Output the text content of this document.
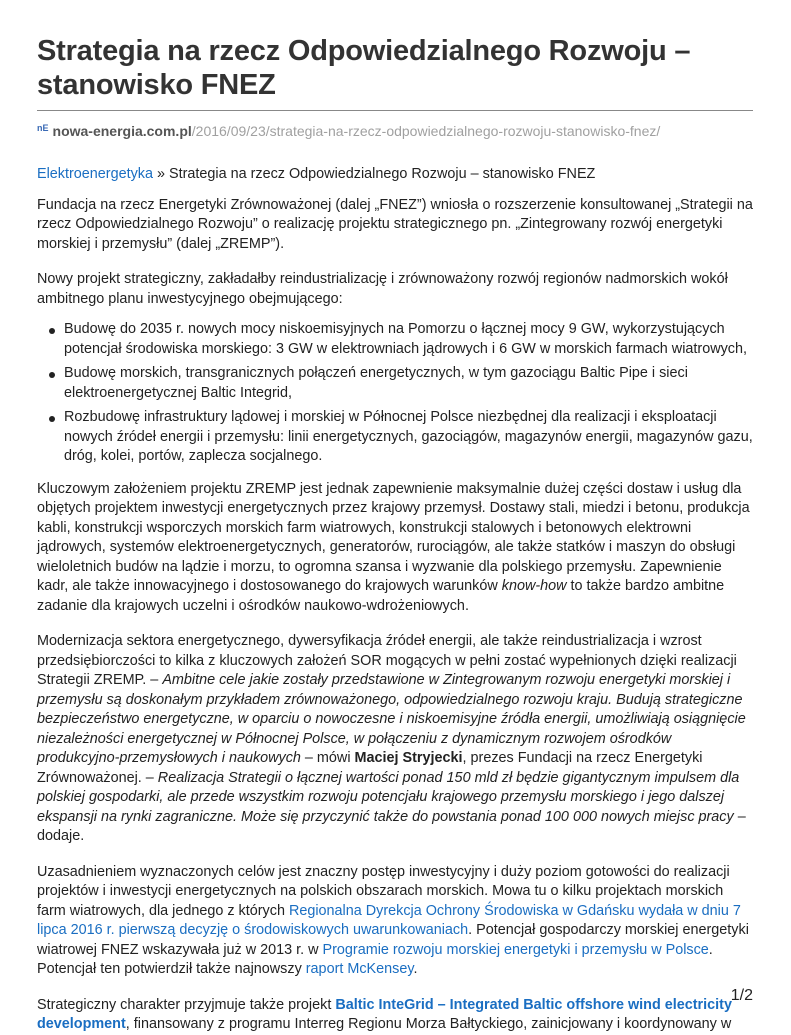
Strategia na rzecz Odpowiedzialnego Rozwoju – stanowisko FNEZ
nE nowa-energia.com.pl/2016/09/23/strategia-na-rzecz-odpowiedzialnego-rozwoju-stanowisko-fnez/

Elektroenergetyka » Strategia na rzecz Odpowiedzialnego Rozwoju – stanowisko FNEZ

Fundacja na rzecz Energetyki Zrównoważonej (dalej „FNEZ”) wniosła o rozszerzenie konsultowanej „Strategii na rzecz Odpowiedzialnego Rozwoju” o realizację projektu strategicznego pn. „Zintegrowany rozwój energetyki morskiej i przemysłu” (dalej „ZREMP”).

Nowy projekt strategiczny, zakładałby reindustrializację i zrównoważony rozwój regionów nadmorskich wokół ambitnego planu inwestycyjnego obejmującego:

Budowę do 2035 r. nowych mocy niskoemisyjnych na Pomorzu o łącznej mocy 9 GW, wykorzystujących potencjał środowiska morskiego: 3 GW w elektrowniach jądrowych i 6 GW w morskich farmach wiatrowych,
Budowę morskich, transgranicznych połączeń energetycznych, w tym gazociągu Baltic Pipe i sieci elektroenergetycznej Baltic Integrid,
Rozbudowę infrastruktury lądowej i morskiej w Północnej Polsce niezbędnej dla realizacji i eksploatacji nowych źródeł energii i przemysłu: linii energetycznych, gazociągów, magazynów energii, magazynów gazu, dróg, kolei, portów, zaplecza socjalnego.

Kluczowym założeniem projektu ZREMP jest jednak zapewnienie maksymalnie dużej części dostaw i usług dla objętych projektem inwestycji energetycznych przez krajowy przemysł. Dostawy stali, miedzi i betonu, produkcja kabli, konstrukcji wsporczych morskich farm wiatrowych, konstrukcji stalowych i betonowych elektrowni jądrowych, systemów elektroenergetycznych, generatorów, rurociągów, ale także statków i maszyn do obsługi wieloletnich budów na lądzie i morzu, to ogromna szansa i wyzwanie dla polskiego przemysłu. Zapewnienie kadr, ale także innowacyjnego i dostosowanego do krajowych warunków know-how to także bardzo ambitne zadanie dla krajowych uczelni i ośrodków naukowo-wdrożeniowych.

Modernizacja sektora energetycznego, dywersyfikacja źródeł energii, ale także reindustrializacja i wzrost przedsiębiorczości to kilka z kluczowych założeń SOR mogących w pełni zostać wypełnionych dzięki realizacji Strategii ZREMP. – Ambitne cele jakie zostały przedstawione w Zintegrowanym rozwoju energetyki morskiej i przemysłu są doskonałym przykładem zrównoważonego, odpowiedzialnego rozwoju kraju. Budują strategiczne bezpieczeństwo energetyczne, w oparciu o nowoczesne i niskoemisyjne źródła energii, umożliwiają osiągnięcie niezależności energetycznej w Północnej Polsce, w połączeniu z dynamicznym rozwojem ośrodków produkcyjno-przemysłowych i naukowych – mówi Maciej Stryjecki, prezes Fundacji na rzecz Energetyki Zrównoważonej. – Realizacja Strategii o łącznej wartości ponad 150 mld zł będzie gigantycznym impulsem dla polskiej gospodarki, ale przede wszystkim rozwoju potencjału krajowego przemysłu morskiego i jego dalszej ekspansji na rynki zagraniczne. Może się przyczynić także do powstania ponad 100 000 nowych miejsc pracy – dodaje.

Uzasadnieniem wyznaczonych celów jest znaczny postęp inwestycyjny i duży poziom gotowości do realizacji projektów i inwestycji energetycznych na polskich obszarach morskich. Mowa tu o kilku projektach morskich farm wiatrowych, dla jednego z których Regionalna Dyrekcja Ochrony Środowiska w Gdańsku wydała w dniu 7 lipca 2016 r. pierwszą decyzję o środowiskowych uwarunkowaniach. Potencjał gospodarczy morskiej energetyki wiatrowej FNEZ wskazywała już w 2013 r. w Programie rozwoju morskiej energetyki i przemysłu w Polsce. Potencjał ten potwierdził także najnowszy raport McKensey.

Strategiczny charakter przyjmuje także projekt Baltic InteGrid – Integrated Baltic offshore wind electricity development, finansowany z programu Interreg Regionu Morza Bałtyckiego, zainicjowany i koordynowany w

1/2
